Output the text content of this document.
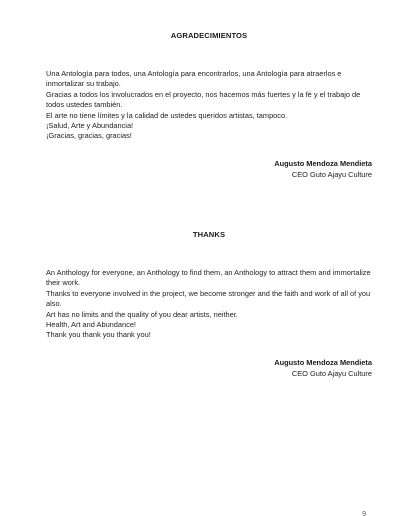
AGRADECIMIENTOS

Una Antología para todos, una Antología para encontrarlos, una Antología para atraerlos e inmortalizar su trabajo.

Gracias a todos los involucrados en el proyecto, nos hacemos más fuertes y la fé y el trabajo de todos ustedes también.

El arte no tiene límites y la calidad de ustedes queridos artistas, tampoco.

¡Salud, Arte y Abundancia!

¡Gracias, gracias, gracias!

Augusto Mendoza Mendieta
CEO Guto Ajayu Culture
THANKS

An Anthology for everyone, an Anthology to find them, an Anthology to attract them and immortalize their work.

Thanks to everyone involved in the project, we become stronger and the faith and work of all of you also.

Art has no limits and the quality of you dear artists, neither.

Health, Art and Abundance!

Thank you thank you thank you!

Augusto Mendoza Mendieta
CEO Guto Ajayu Culture
9
